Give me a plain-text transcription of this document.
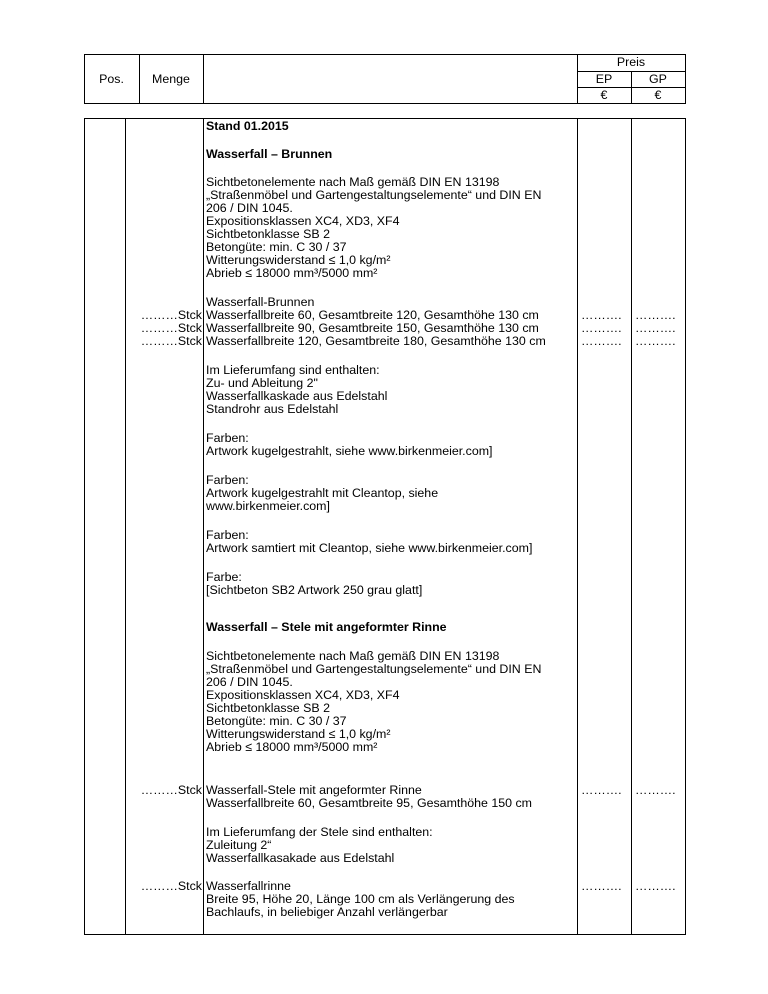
Pos.	Menge
Preis
EP	GP
€	€
Stand 01.2015
Wasserfall – Brunnen
Sichtbetonelemente nach Maß gemäß DIN EN 13198
„Straßenmöbel und Gartengestaltungselemente“ und DIN EN
206 / DIN 1045.
Expositionsklassen XC4, XD3, XF4
Sichtbetonklasse SB 2
Betongüte: min. C 30 / 37
Witterungswiderstand ≤ 1,0 kg/m²
Abrieb ≤ 18000 mm³/5000 mm²
Wasserfall-Brunnen
………Stck Wasserfallbreite 60, Gesamtbreite 120, Gesamthöhe 130 cm	………. ……….
………Stck Wasserfallbreite 90, Gesamtbreite 150, Gesamthöhe 130 cm	………. ……….
………Stck Wasserfallbreite 120, Gesamtbreite 180, Gesamthöhe 130 cm	………. ……….
Im Lieferumfang sind enthalten:
Zu- und Ableitung 2"
Wasserfallkaskade aus Edelstahl
Standrohr aus Edelstahl
Farben:
Artwork kugelgestrahlt, siehe www.birkenmeier.com]
Farben:
Artwork kugelgestrahlt mit Cleantop, siehe
www.birkenmeier.com]
Farben:
Artwork samtiert mit Cleantop, siehe www.birkenmeier.com]
Farbe:
[Sichtbeton SB2 Artwork 250 grau glatt]
Wasserfall – Stele mit angeformter Rinne
Sichtbetonelemente nach Maß gemäß DIN EN 13198
„Straßenmöbel und Gartengestaltungselemente“ und DIN EN
206 / DIN 1045.
Expositionsklassen XC4, XD3, XF4
Sichtbetonklasse SB 2
Betongüte: min. C 30 / 37
Witterungswiderstand ≤ 1,0 kg/m²
Abrieb ≤ 18000 mm³/5000 mm²
………Stck Wasserfall-Stele mit angeformter Rinne
Wasserfallbreite 60, Gesamtbreite 95, Gesamthöhe 150 cm
………. ……….
Im Lieferumfang der Stele sind enthalten:
Zuleitung 2“
Wasserfallkasakade aus Edelstahl
………Stck Wasserfallrinne
Breite 95, Höhe 20, Länge 100 cm als Verlängerung des
Bachlaufs, in beliebiger Anzahl verlängerbar
………. ……….
